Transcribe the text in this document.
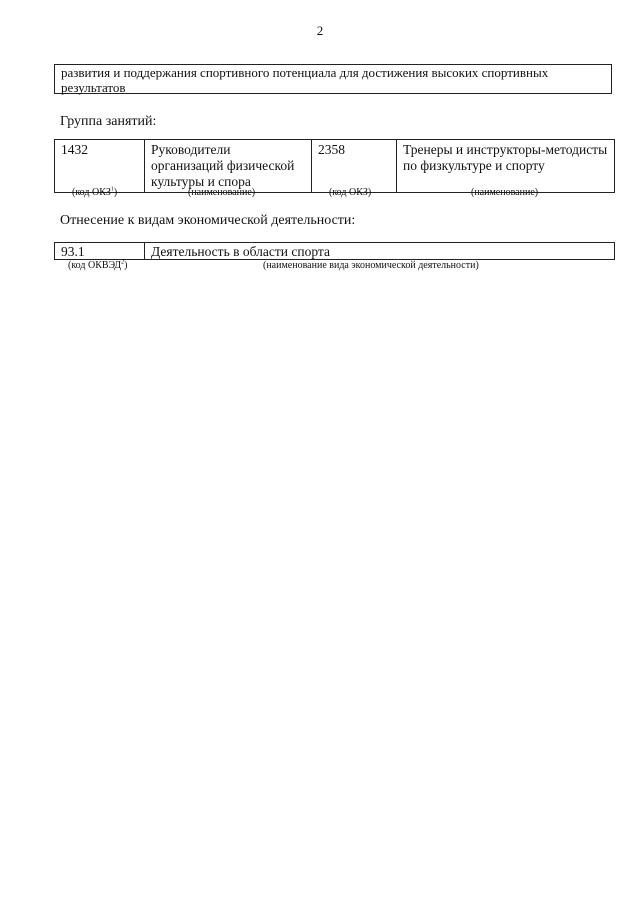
2
развития и поддержания спортивного потенциала для достижения высоких спортивных результатов
Группа занятий:
1432	Руководители организаций физической культуры и спора	2358	Тренеры и инструкторы-методисты по физкультуре и спорту
(код ОКЗ$^1$)	(наименование)	(код ОКЗ)	(наименование)
Отнесение к видам экономической деятельности:
93.1	Деятельность в области спорта
(код ОКВЭД$^2$)	(наименование вида экономической деятельности)
